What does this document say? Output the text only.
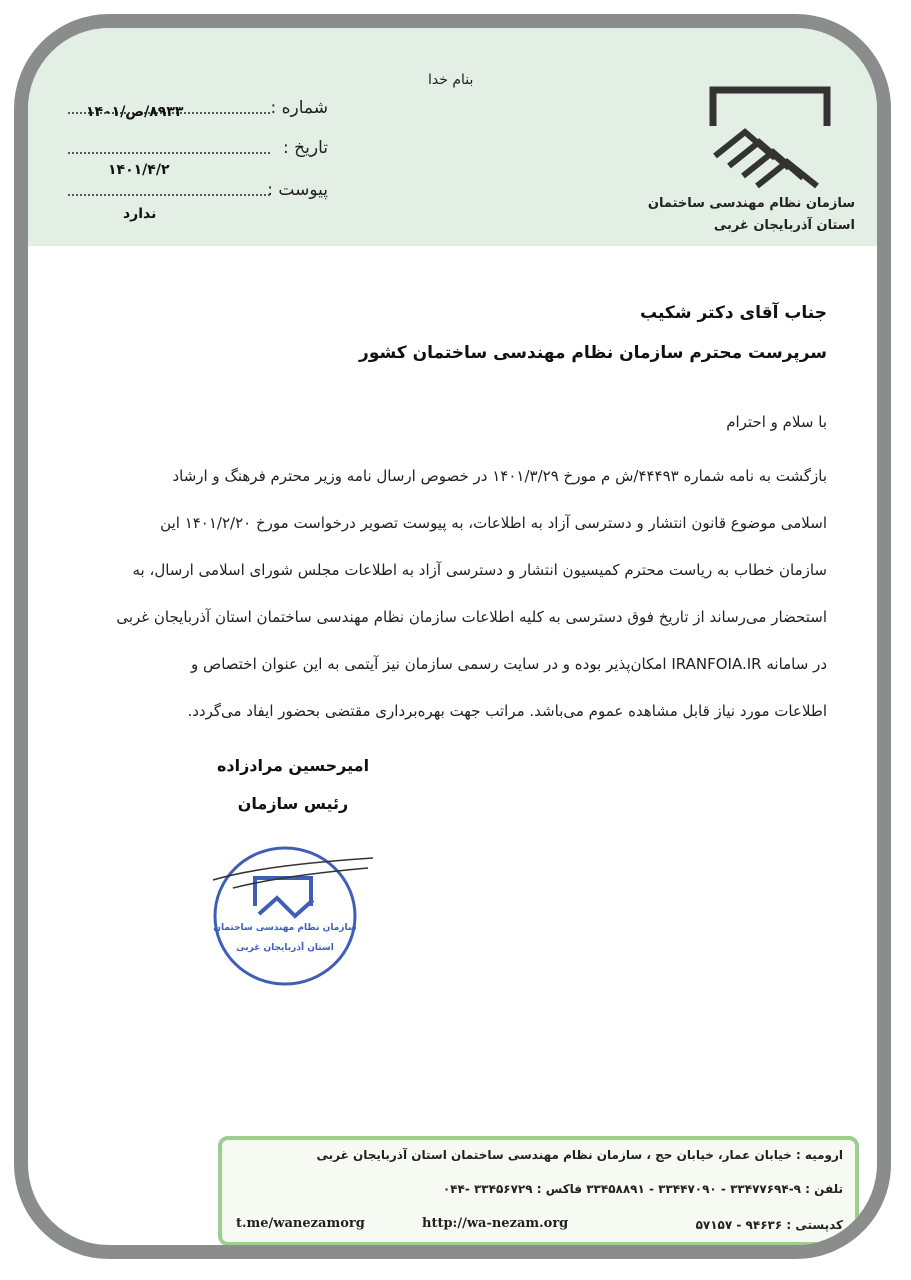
بنام خدا
شماره :
۸۹۳۳/ص/۱۴۰۱
تاریخ :
۱۴۰۱/۴/۲
پیوست :
ندارد
سازمان نظام مهندسی ساختمان
استان آذربایجان غربی
جناب آقای دکتر شکیب
سرپرست محترم سازمان نظام مهندسی ساختمان کشور
با سلام و احترام
بازگشت به نامه شماره ۴۴۴۹۳/ش م مورخ ۱۴۰۱/۳/۲۹ در خصوص ارسال نامه وزیر محترم فرهنگ و ارشاد
اسلامی موضوع قانون انتشار و دسترسی آزاد به اطلاعات، به پیوست تصویر درخواست مورخ ۱۴۰۱/۲/۲۰ این
سازمان خطاب به ریاست محترم کمیسیون انتشار و دسترسی آزاد به اطلاعات مجلس شورای اسلامی ارسال، به
استحضار می‌رساند از تاریخ فوق دسترسی به کلیه اطلاعات سازمان نظام مهندسی ساختمان استان آذربایجان غربی
در سامانه IRANFOIA.IR امکان‌پذیر بوده و در سایت رسمی سازمان نیز آیتمی به این عنوان اختصاص و
اطلاعات مورد نیاز قابل مشاهده عموم می‌باشد. مراتب جهت بهره‌برداری مقتضی بحضور ایفاد می‌گردد.
امیرحسین مرادزاده
رئیس سازمان
سازمان نظام مهندسی ساختمان
استان آذربایجان غربی
ارومیه : خیابان عمار، خیابان حج ، سازمان نظام مهندسی ساختمان استان آذربایجان غربی
تلفن : ۹-۳۳۴۷۷۶۹۴ - ۳۳۴۴۷۰۹۰ - ۳۳۴۵۸۸۹۱ فاکس : ۳۳۴۵۶۷۲۹ -۰۴۴
کدپستی : ۹۴۶۳۶ - ۵۷۱۵۷
http://wa-nezam.org
t.me/wanezamorg
